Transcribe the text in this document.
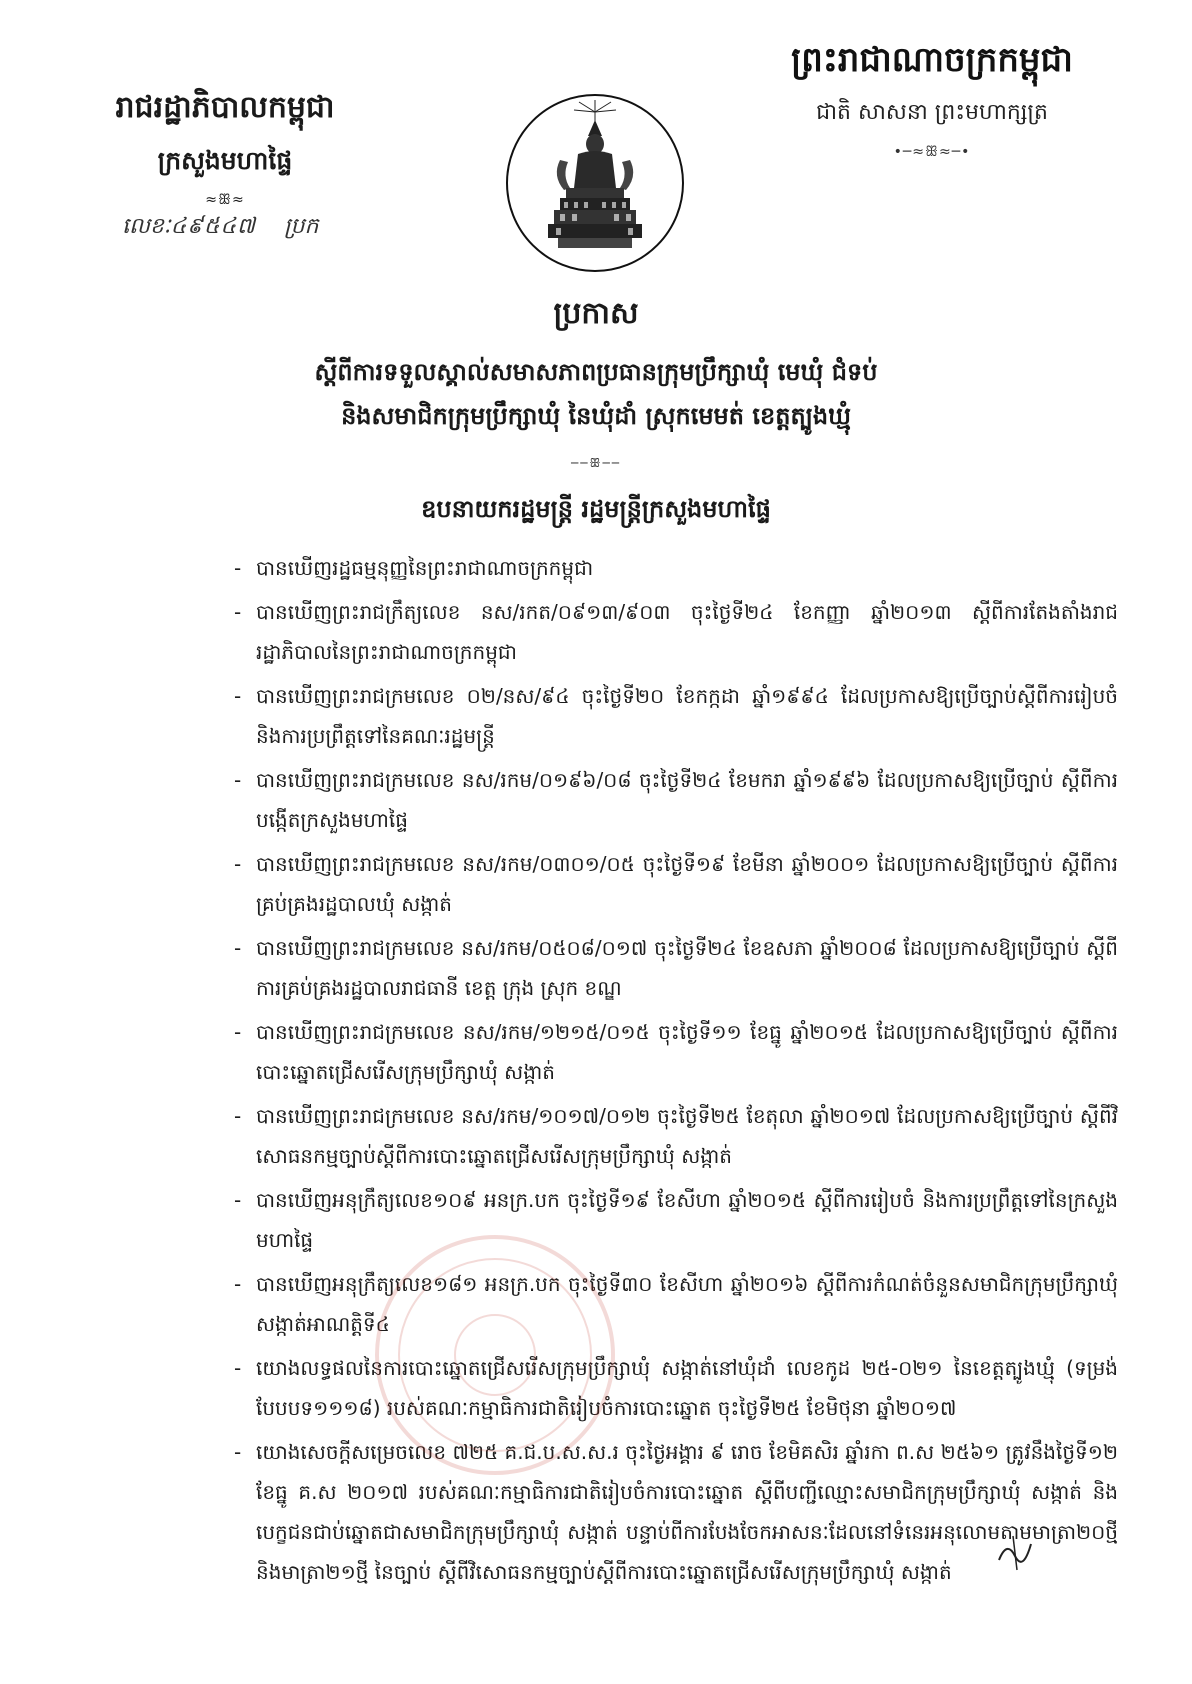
ព្រះរាជាណាចក្រកម្ពុជា
ជាតិ សាសនា ព្រះមហាក្សត្រ
•─≈ꕥ≈─•
រាជរដ្ឋាភិបាលកម្ពុជា
ក្រសួងមហាផ្ទៃ
≈ꕥ≈
លេខៈ៤៩៥៤៧ ប្រក
ប្រកាស
ស្តីពីការទទួលស្គាល់សមាសភាពប្រធានក្រុមប្រឹក្សាឃុំ មេឃុំ ជំទប់
និងសមាជិកក្រុមប្រឹក្សាឃុំ នៃឃុំដាំ ស្រុកមេមត់ ខេត្តត្បូងឃ្មុំ
──ꕥ──
ឧបនាយករដ្ឋមន្ត្រី រដ្ឋមន្ត្រីក្រសួងមហាផ្ទៃ
- បានឃើញរដ្ឋធម្មនុញ្ញនៃព្រះរាជាណាចក្រកម្ពុជា
- បានឃើញព្រះរាជក្រឹត្យលេខ នស/រកត/០៩១៣/៩០៣ ចុះថ្ងៃទី២៤ ខែកញ្ញា ឆ្នាំ២០១៣ ស្តីពីការតែងតាំងរាជរដ្ឋាភិបាលនៃព្រះរាជាណាចក្រកម្ពុជា
- បានឃើញព្រះរាជក្រមលេខ ០២/នស/៩៤ ចុះថ្ងៃទី២០ ខែកក្កដា ឆ្នាំ១៩៩៤ ដែលប្រកាសឱ្យប្រើច្បាប់ស្តីពីការរៀបចំ និងការប្រព្រឹត្តទៅនៃគណៈរដ្ឋមន្ត្រី
- បានឃើញព្រះរាជក្រមលេខ នស/រកម/០១៩៦/០៨ ចុះថ្ងៃទី២៤ ខែមករា ឆ្នាំ១៩៩៦ ដែលប្រកាសឱ្យប្រើច្បាប់ ស្តីពីការបង្កើតក្រសួងមហាផ្ទៃ
- បានឃើញព្រះរាជក្រមលេខ នស/រកម/០៣០១/០៥ ចុះថ្ងៃទី១៩ ខែមីនា ឆ្នាំ២០០១ ដែលប្រកាសឱ្យប្រើច្បាប់ ស្តីពីការគ្រប់គ្រងរដ្ឋបាលឃុំ សង្កាត់
- បានឃើញព្រះរាជក្រមលេខ នស/រកម/០៥០៨/០១៧ ចុះថ្ងៃទី២៤ ខែឧសភា ឆ្នាំ២០០៨ ដែលប្រកាសឱ្យប្រើច្បាប់ ស្តីពីការគ្រប់គ្រងរដ្ឋបាលរាជធានី ខេត្ត ក្រុង ស្រុក ខណ្ឌ
- បានឃើញព្រះរាជក្រមលេខ នស/រកម/១២១៥/០១៥ ចុះថ្ងៃទី១១ ខែធ្នូ ឆ្នាំ២០១៥ ដែលប្រកាសឱ្យប្រើច្បាប់ ស្តីពីការបោះឆ្នោតជ្រើសរើសក្រុមប្រឹក្សាឃុំ សង្កាត់
- បានឃើញព្រះរាជក្រមលេខ នស/រកម/១០១៧/០១២ ចុះថ្ងៃទី២៥ ខែតុលា ឆ្នាំ២០១៧ ដែលប្រកាសឱ្យប្រើច្បាប់ ស្តីពីវិសោធនកម្មច្បាប់ស្តីពីការបោះឆ្នោតជ្រើសរើសក្រុមប្រឹក្សាឃុំ សង្កាត់
- បានឃើញអនុក្រឹត្យលេខ១០៩ អនក្រ.បក ចុះថ្ងៃទី១៩ ខែសីហា ឆ្នាំ២០១៥ ស្តីពីការរៀបចំ និងការប្រព្រឹត្តទៅនៃក្រសួងមហាផ្ទៃ
- បានឃើញអនុក្រឹត្យលេខ១៨១ អនក្រ.បក ចុះថ្ងៃទី៣០ ខែសីហា ឆ្នាំ២០១៦ ស្តីពីការកំណត់ចំនួនសមាជិកក្រុមប្រឹក្សាឃុំ សង្កាត់អាណត្តិទី៤
- យោងលទ្ធផលនៃការបោះឆ្នោតជ្រើសរើសក្រុមប្រឹក្សាឃុំ សង្កាត់នៅឃុំដាំ លេខកូដ ២៥-០២១ នៃខេត្តត្បូងឃ្មុំ (ទម្រង់បែបបទ១១១៨) របស់គណៈកម្មាធិការជាតិរៀបចំការបោះឆ្នោត ចុះថ្ងៃទី២៥ ខែមិថុនា ឆ្នាំ២០១៧
- យោងសេចក្តីសម្រេចលេខ ៧២៥ គ.ជ.ប.ស.ស.រ ចុះថ្ងៃអង្គារ ៩ រោច ខែមិគសិរ ឆ្នាំរកា ព.ស ២៥៦១ ត្រូវនឹងថ្ងៃទី១២ ខែធ្នូ គ.ស ២០១៧ របស់គណៈកម្មាធិការជាតិរៀបចំការបោះឆ្នោត ស្តីពីបញ្ជីឈ្មោះសមាជិកក្រុមប្រឹក្សាឃុំ សង្កាត់ និងបេក្ខជនជាប់ឆ្នោតជាសមាជិកក្រុមប្រឹក្សាឃុំ សង្កាត់ បន្ទាប់ពីការបែងចែកអាសនៈដែលនៅទំនេរអនុលោមតាមមាត្រា២០ថ្មី និងមាត្រា២១ថ្មី នៃច្បាប់ ស្តីពីវិសោធនកម្មច្បាប់ស្តីពីការបោះឆ្នោតជ្រើសរើសក្រុមប្រឹក្សាឃុំ សង្កាត់
